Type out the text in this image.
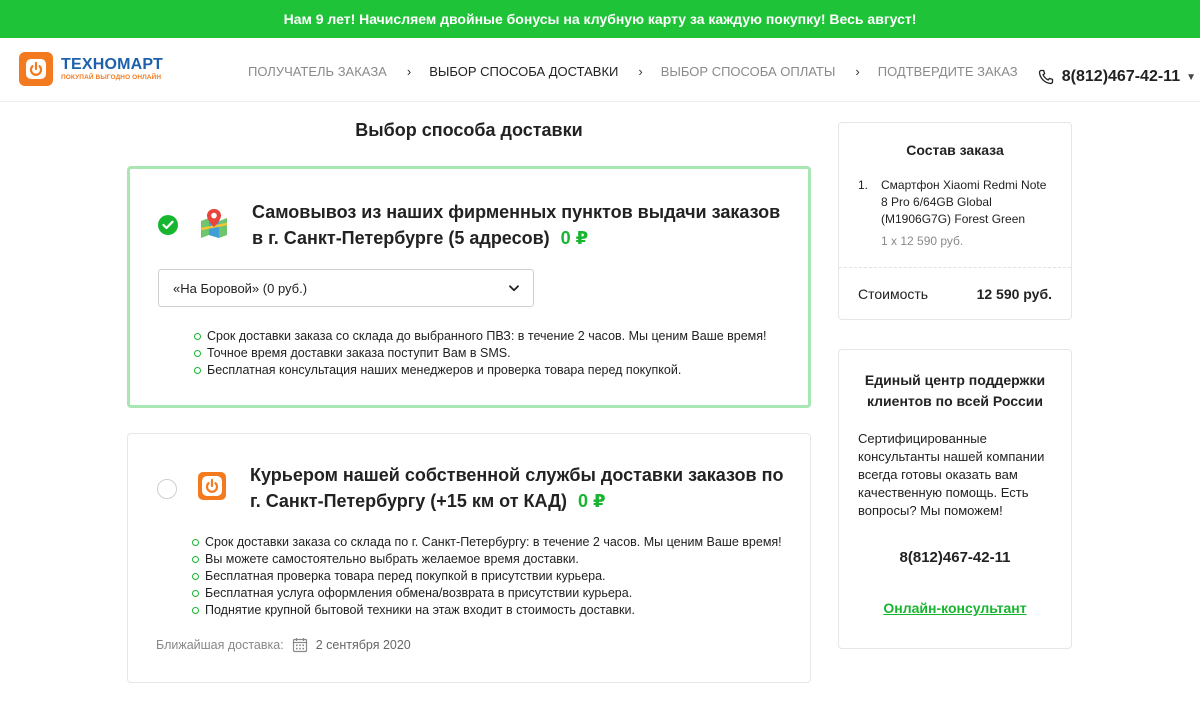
Нам 9 лет! Начисляем двойные бонусы на клубную карту за каждую покупку! Весь август!
ТЕХНОМАРТ
ПОКУПАЙ ВЫГОДНО ОНЛАЙН	ПОЛУЧАТЕЛЬ ЗАКАЗА › ВЫБОР СПОСОБА ДОСТАВКИ › ВЫБОР СПОСОБА ОПЛАТЫ › ПОДТВЕРДИТЕ ЗАКАЗ	8(812)467-42-11 ▼
Выбор способа доставки
Самовывоз из наших фирменных пунктов выдачи заказов в г. Санкт-Петербурге (5 адресов) 0 ₽
«На Боровой» (0 руб.)
Срок доставки заказа со склада до выбранного ПВЗ: в течение 2 часов. Мы ценим Ваше время!
Точное время доставки заказа поступит Вам в SMS.
Бесплатная консультация наших менеджеров и проверка товара перед покупкой.
Курьером нашей собственной службы доставки заказов по г. Санкт-Петербургу (+15 км от КАД) 0 ₽
Срок доставки заказа со склада по г. Санкт-Петербургу: в течение 2 часов. Мы ценим Ваше время!
Вы можете самостоятельно выбрать желаемое время доставки.
Бесплатная проверка товара перед покупкой в присутствии курьера.
Бесплатная услуга оформления обмена/возврата в присутствии курьера.
Поднятие крупной бытовой техники на этаж входит в стоимость доставки.
Ближайшая доставка:	2 сентября 2020
Состав заказа
1.	Смартфон Xiaomi Redmi Note 8 Pro 6/64GB Global (M1906G7G) Forest Green
1 x 12 590 руб.
Стоимость	12 590 руб.
Единый центр поддержки клиентов по всей России
Сертифицированные консультанты нашей компании всегда готовы оказать вам качественную помощь. Есть вопросы? Мы поможем!
8(812)467-42-11
Онлайн-консультант
